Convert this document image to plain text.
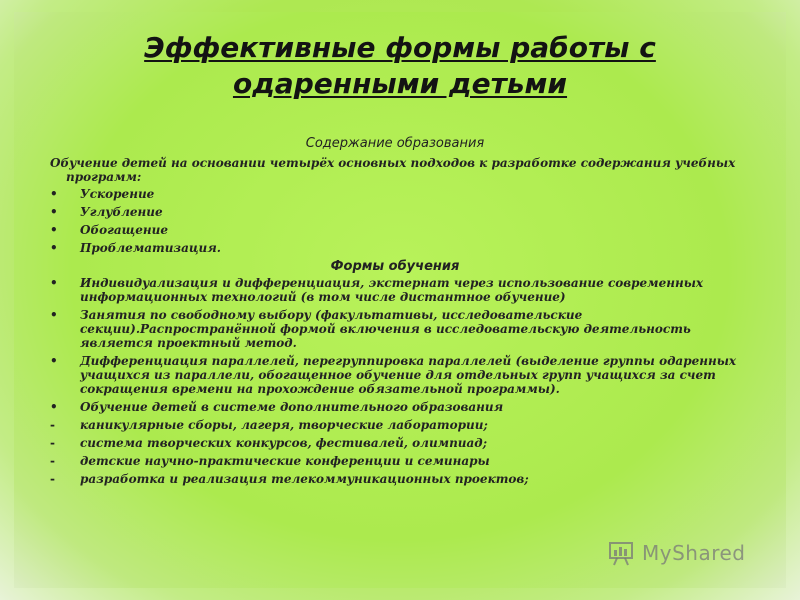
Эффективные формы работы с одаренными детьми
Содержание образования
Обучение детей на основании четырёх основных подходов к разработке содержания учебных программ:
•	Ускорение
•	Углубление
•	Обогащение
•	Проблематизация.
Формы обучения
•	Индивидуализация и дифференциация, экстернат через использование современных информационных технологий (в том числе дистантное обучение)
•	Занятия по свободному выбору (факультативы, исследовательские секции).Распространённой формой включения в исследовательскую деятельность является проектный метод.
•	Дифференциация параллелей, перегруппировка параллелей (выделение группы одаренных учащихся из параллели, обогащенное обучение для отдельных групп учащихся за счет сокращения времени на прохождение обязательной программы).
•	Обучение детей в системе дополнительного образования
-	каникулярные сборы, лагеря, творческие лаборатории;
-	система творческих конкурсов, фестивалей, олимпиад;
-	детские научно-практические конференции и семинары
-	разработка и реализация телекоммуникационных проектов;
MyShared
